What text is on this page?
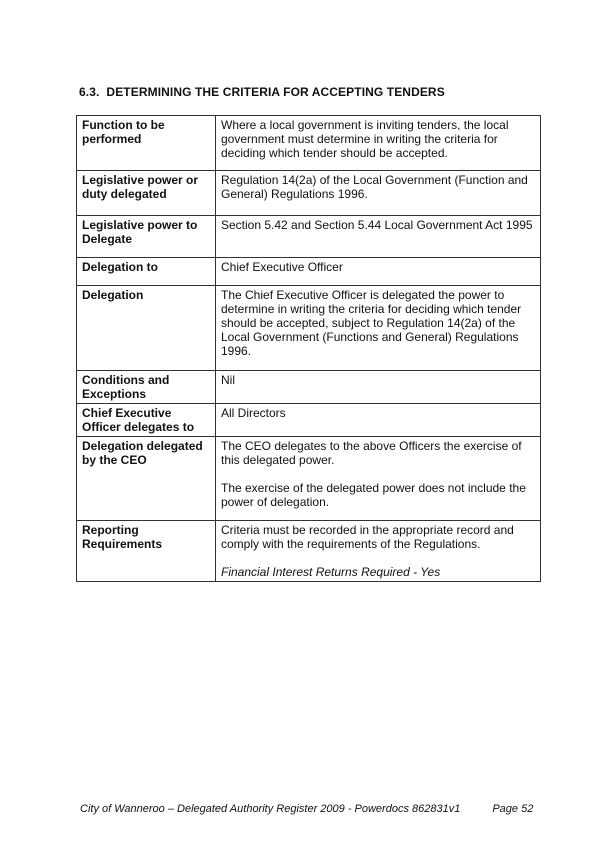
6.3. DETERMINING THE CRITERIA FOR ACCEPTING TENDERS
Function to be performed	Where a local government is inviting tenders, the local government must determine in writing the criteria for deciding which tender should be accepted.

Legislative power or duty delegated	Regulation 14(2a) of the Local Government (Function and General) Regulations 1996.

Legislative power to Delegate	Section 5.42 and Section 5.44 Local Government Act 1995

Delegation to	Chief Executive Officer

Delegation	The Chief Executive Officer is delegated the power to determine in writing the criteria for deciding which tender should be accepted, subject to Regulation 14(2a) of the Local Government (Functions and General) Regulations 1996.

Conditions and Exceptions	Nil

Chief Executive Officer delegates to	All Directors

Delegation delegated by the CEO	The CEO delegates to the above Officers the exercise of this delegated power.

The exercise of the delegated power does not include the power of delegation.

Reporting Requirements	Criteria must be recorded in the appropriate record and comply with the requirements of the Regulations.

Financial Interest Returns Required - Yes

City of Wanneroo – Delegated Authority Register 2009 - Powerdocs 862831v1	Page 52
